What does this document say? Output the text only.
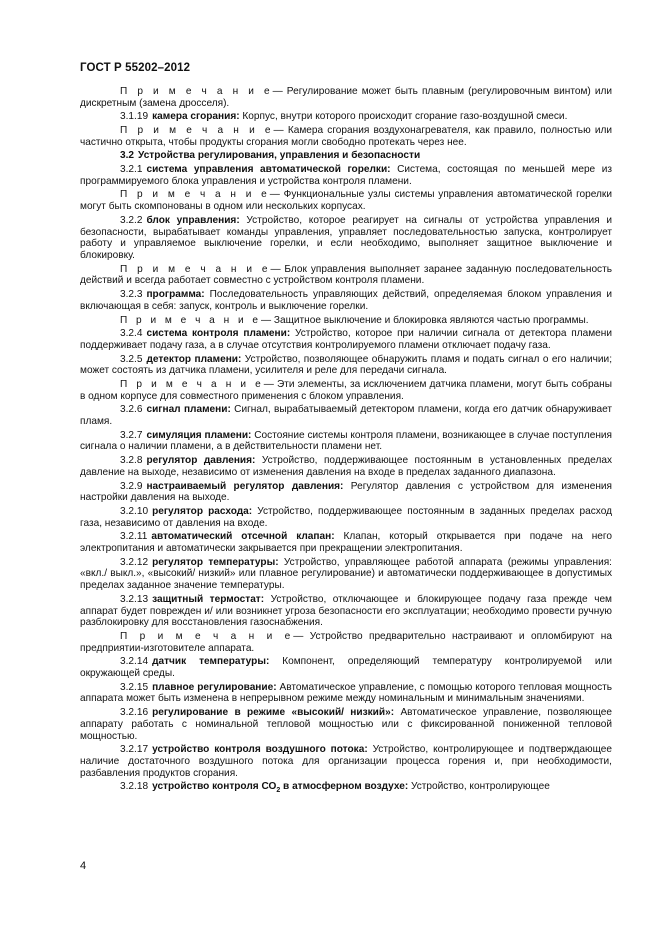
ГОСТ Р 55202–2012

П р и м е ч а н и е— Регулирование может быть плавным (регулировочным винтом) или дискретным (замена дросселя).

3.1.19 камера сгорания: Корпус, внутри которого происходит сгорание газо-воздушной смеси.

П р и м е ч а н и е— Камера сгорания воздухонагревателя, как правило, полностью или частично открыта, чтобы продукты сгорания могли свободно протекать через нее.

3.2 Устройства регулирования, управления и безопасности

3.2.1 система управления автоматической горелки: Система, состоящая по меньшей мере из программируемого блока управления и устройства контроля пламени.

П р и м е ч а н и е— Функциональные узлы системы управления автоматической горелки могут быть скомпонованы в одном или нескольких корпусах.

3.2.2 блок управления: Устройство, которое реагирует на сигналы от устройства управления и безопасности, вырабатывает команды управления, управляет последовательностью запуска, контролирует работу и управляемое выключение горелки, и если необходимо, выполняет защитное выключение и блокировку.

П р и м е ч а н и е— Блок управления выполняет заранее заданную последовательность действий и всегда работает совместно с устройством контроля пламени.

3.2.3 программа: Последовательность управляющих действий, определяемая блоком управления и включающая в себя: запуск, контроль и выключение горелки.

П р и м е ч а н и е— Защитное выключение и блокировка являются частью программы.

3.2.4 система контроля пламени: Устройство, которое при наличии сигнала от детектора пламени поддерживает подачу газа, а в случае отсутствия контролируемого пламени отключает подачу газа.

3.2.5 детектор пламени: Устройство, позволяющее обнаружить пламя и подать сигнал о его наличии; может состоять из датчика пламени, усилителя и реле для передачи сигнала.

П р и м е ч а н и е— Эти элементы, за исключением датчика пламени, могут быть собраны в одном корпусе для совместного применения с блоком управления.

3.2.6 сигнал пламени: Сигнал, вырабатываемый детектором пламени, когда его датчик обнаруживает пламя.

3.2.7 симуляция пламени: Состояние системы контроля пламени, возникающее в случае поступления сигнала о наличии пламени, а в действительности пламени нет.

3.2.8 регулятор давления: Устройство, поддерживающее постоянным в установленных пределах давление на выходе, независимо от изменения давления на входе в пределах заданного диапазона.

3.2.9 настраиваемый регулятор давления: Регулятор давления с устройством для изменения настройки давления на выходе.

3.2.10 регулятор расхода: Устройство, поддерживающее постоянным в заданных пределах расход газа, независимо от давления на входе.

3.2.11 автоматический отсечной клапан: Клапан, который открывается при подаче на него электропитания и автоматически закрывается при прекращении электропитания.

3.2.12 регулятор температуры: Устройство, управляющее работой аппарата (режимы управления: «вкл./ выкл.», «высокий/ низкий» или плавное регулирование) и автоматически поддерживающее в допустимых пределах заданное значение температуры.

3.2.13 защитный термостат: Устройство, отключающее и блокирующее подачу газа прежде чем аппарат будет поврежден и/ или возникнет угроза безопасности его эксплуатации; необходимо провести ручную разблокировку для восстановления газоснабжения.

П р и м е ч а н и е— Устройство предварительно настраивают и опломбируют на предприятии-изготовителе аппарата.

3.2.14 датчик температуры: Компонент, определяющий температуру контролируемой или окружающей среды.

3.2.15 плавное регулирование: Автоматическое управление, с помощью которого тепловая мощность аппарата может быть изменена в непрерывном режиме между номинальным и минимальным значениями.

3.2.16 регулирование в режиме «высокий/ низкий»: Автоматическое управление, позволяющее аппарату работать с номинальной тепловой мощностью или с фиксированной пониженной тепловой мощностью.

3.2.17 устройство контроля воздушного потока: Устройство, контролирующее и подтверждающее наличие достаточного воздушного потока для организации процесса горения и, при необходимости, разбавления продуктов сгорания.

3.2.18 устройство контроля $СО_2$ в атмосферном воздухе: Устройство, контролирующее

4
